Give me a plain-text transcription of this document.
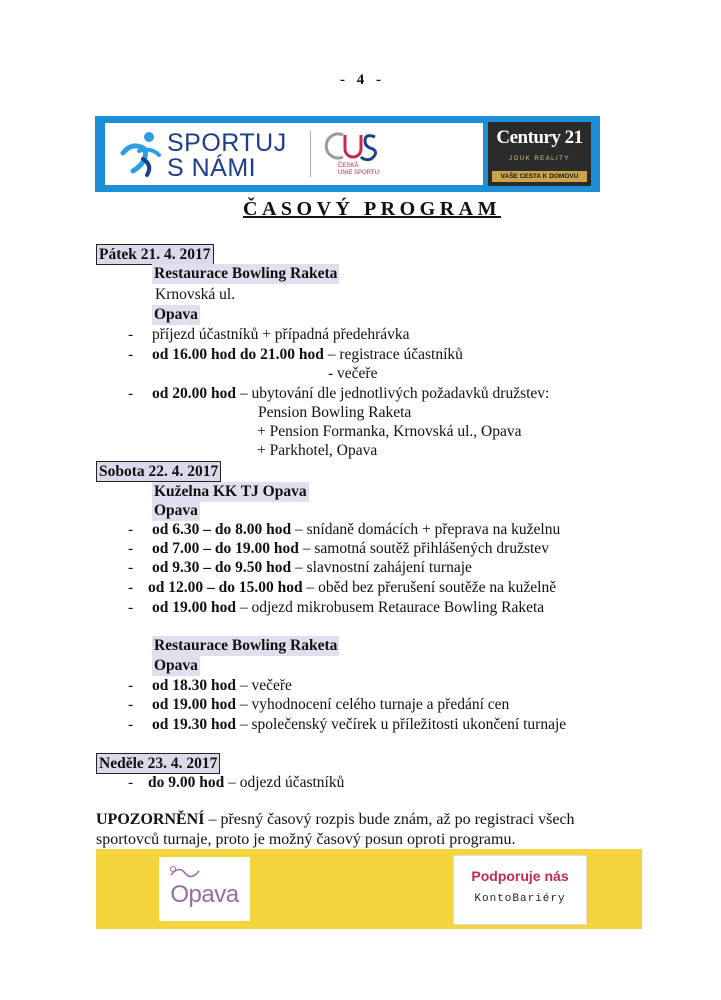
- 4 -
SPORTUJ
S NÁMI	ČESKÁ
UNIE SPORTU
Century 21
JOUK REALITY
VAŠE CESTA K DOMOVU
ČASOVÝ PROGRAM
Pátek 21. 4. 2017
Restaurace Bowling Raketa
Krnovská ul.
Opava
- příjezd účastníků + případná předehrávka
- od 16.00 hod do 21.00 hod – registrace účastníků
- večeře
- od 20.00 hod – ubytování dle jednotlivých požadavků družstev:
Pension Bowling Raketa
+ Pension Formanka, Krnovská ul., Opava
+ Parkhotel, Opava
Sobota 22. 4. 2017
Kuželna KK TJ Opava
Opava
- od 6.30 – do 8.00 hod – snídaně domácích + přeprava na kuželnu
- od 7.00 – do 19.00 hod – samotná soutěž přihlášených družstev
- od 9.30 – do 9.50 hod – slavnostní zahájení turnaje
- od 12.00 – do 15.00 hod – oběd bez přerušení soutěže na kuželně
- od 19.00 hod – odjezd mikrobusem Retaurace Bowling Raketa
Restaurace Bowling Raketa
Opava
- od 18.30 hod – večeře
- od 19.00 hod – vyhodnocení celého turnaje a předání cen
- od 19.30 hod – společenský večírek u příležitosti ukončení turnaje
Neděle 23. 4. 2017
- do 9.00 hod – odjezd účastníků
UPOZORNĚNÍ – přesný časový rozpis bude znám, až po registraci všech
sportovců turnaje, proto je možný časový posun oproti programu.
Opava
Podporuje nás
KontoBariéry
